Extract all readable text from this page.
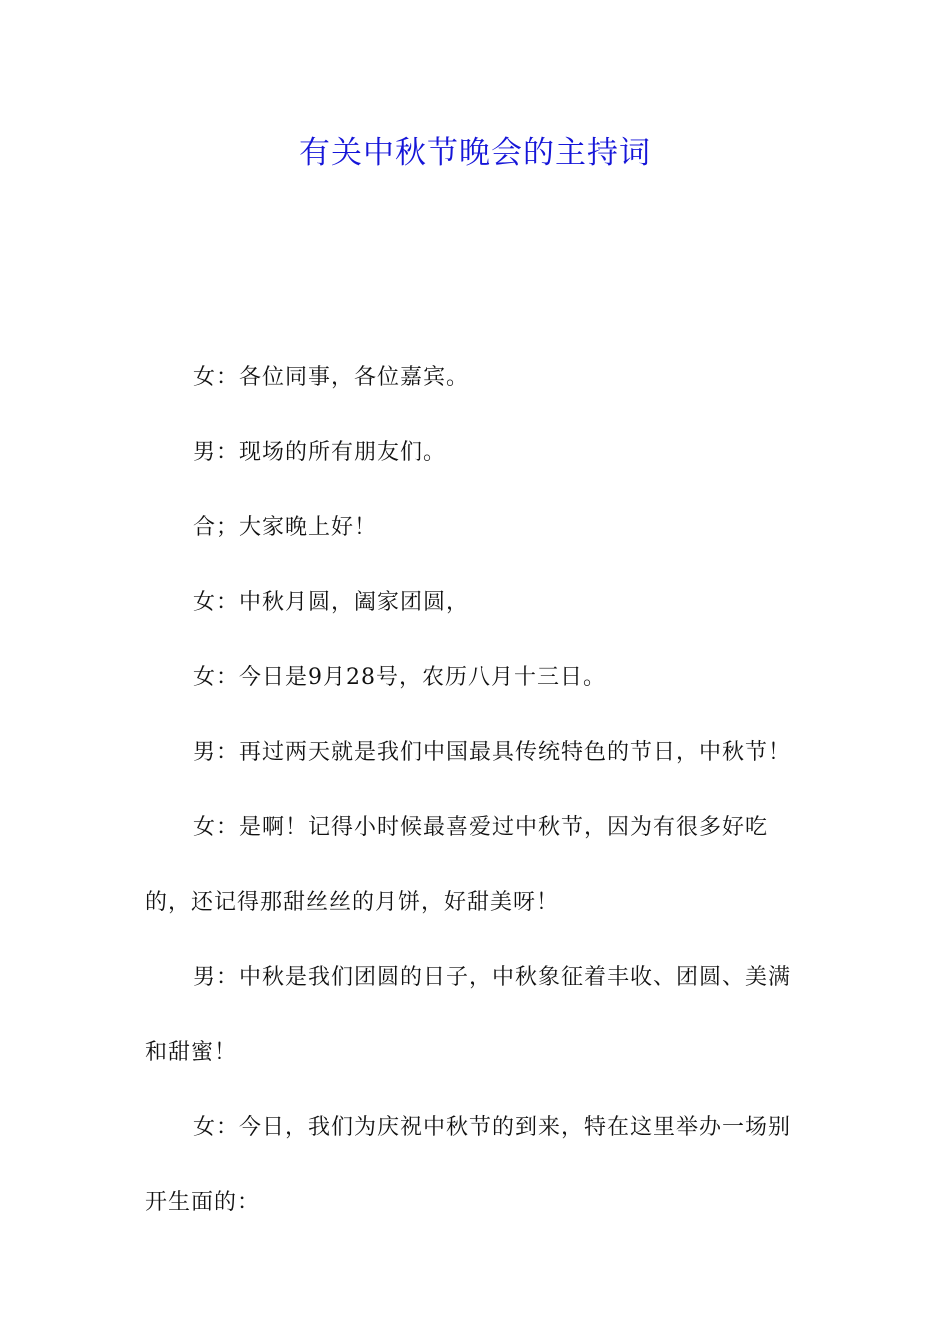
有关中秋节晚会的主持词

女：各位同事，各位嘉宾。

男：现场的所有朋友们。

合；大家晚上好！

女：中秋月圆，阖家团圆，

女：今日是9月28号，农历八月十三日。

男：再过两天就是我们中国最具传统特色的节日，中秋节！

女：是啊！记得小时候最喜爱过中秋节，因为有很多好吃的，还记得那甜丝丝的月饼，好甜美呀！

男：中秋是我们团圆的日子，中秋象征着丰收、团圆、美满和甜蜜！

女：今日，我们为庆祝中秋节的到来，特在这里举办一场别开生面的：
